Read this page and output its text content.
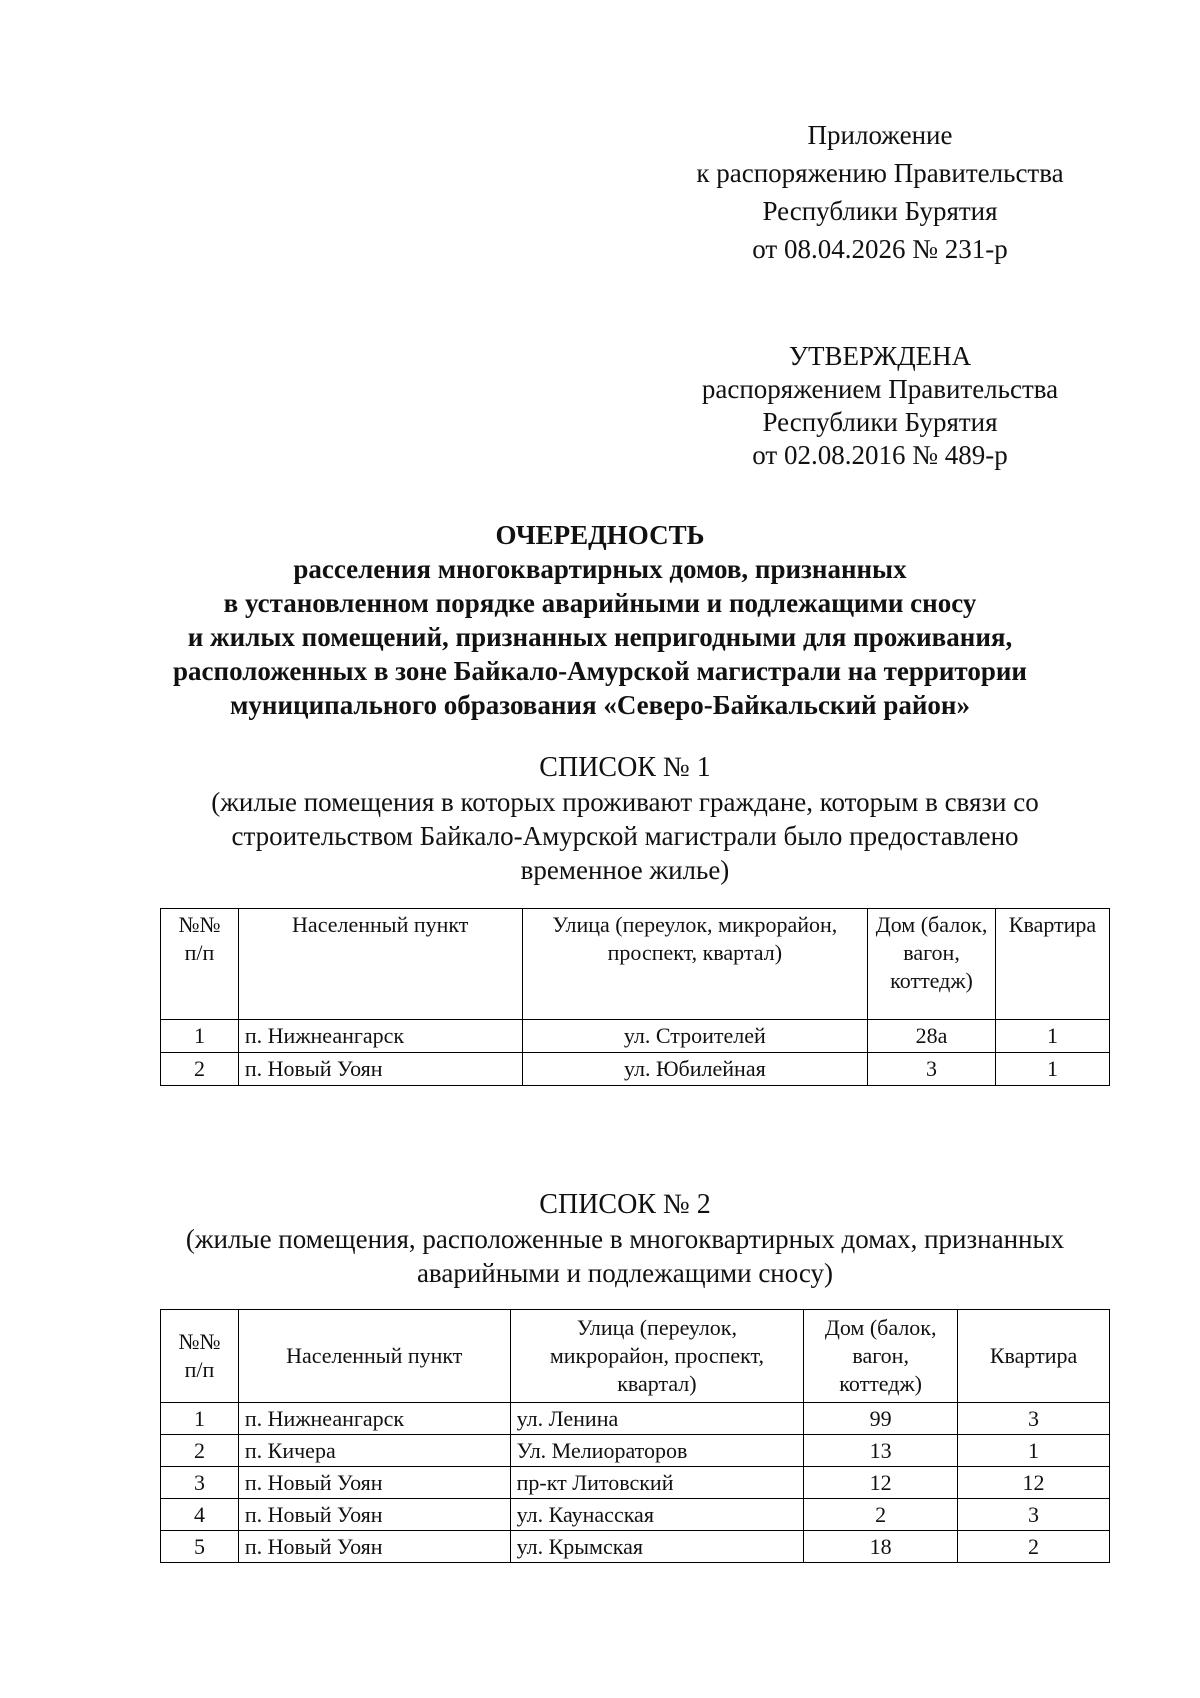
Приложение
к распоряжению Правительства
Республики Бурятия
от 08.04.2026 № 231-р
УТВЕРЖДЕНА
распоряжением Правительства
Республики Бурятия
от 02.08.2016 № 489-р
ОЧЕРЕДНОСТЬ
расселения многоквартирных домов, признанных
в установленном порядке аварийными и подлежащими сносу
и жилых помещений, признанных непригодными для проживания,
расположенных в зоне Байкало-Амурской магистрали на территории
муниципального образования «Северо-Байкальский район»
СПИСОК № 1
(жилые помещения в которых проживают граждане, которым в связи со
строительством Байкало-Амурской магистрали было предоставлено
временное жилье)
№№ п/п	Населенный пункт	Улица (переулок, микрорайон, проспект, квартал)	Дом (балок, вагон, коттедж)	Квартира
1	п. Нижнеангарск	ул. Строителей	28а	1
2	п. Новый Уоян	ул. Юбилейная	3	1
СПИСОК № 2
(жилые помещения, расположенные в многоквартирных домах, признанных
аварийными и подлежащими сносу)
№№ п/п	Населенный пункт	Улица (переулок, микрорайон, проспект, квартал)	Дом (балок, вагон, коттедж)	Квартира
1	п. Нижнеангарск	ул. Ленина	99	3
2	п. Кичера	Ул. Мелиораторов	13	1
3	п. Новый Уоян	пр-кт Литовский	12	12
4	п. Новый Уоян	ул. Каунасская	2	3
5	п. Новый Уоян	ул. Крымская	18	2
